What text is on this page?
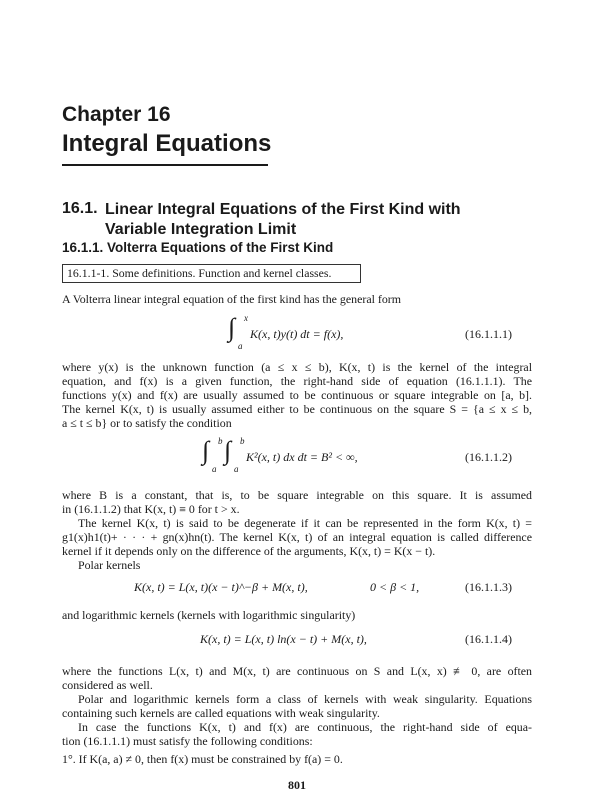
Chapter 16
Integral Equations
16.1. Linear Integral Equations of the First Kind with Variable Integration Limit
16.1.1. Volterra Equations of the First Kind
16.1.1-1. Some definitions. Function and kernel classes.
A Volterra linear integral equation of the first kind has the general form
∫ x
a
K(x, t)y(t) dt = f(x),	(16.1.1.1)
where y(x) is the unknown function (a ≤ x ≤ b), K(x, t) is the kernel of the integral
equation, and f(x) is a given function, the right-hand side of equation (16.1.1.1). The
functions y(x) and f(x) are usually assumed to be continuous or square integrable on [a, b].
The kernel K(x, t) is usually assumed either to be continuous on the square S = {a ≤ x ≤ b,
a ≤ t ≤ b} or to satisfy the condition
∫ b
a
∫ b
a
K²(x, t) dx dt = B² < ∞,	(16.1.1.2)
where B is a constant, that is, to be square integrable on this square. It is assumed
in (16.1.1.2) that K(x, t) ≡ 0 for t > x.
The kernel K(x, t) is said to be degenerate if it can be represented in the form K(x, t) =
g1(x)h1(t)+ · · · + gn(x)hn(t). The kernel K(x, t) of an integral equation is called difference
kernel if it depends only on the difference of the arguments, K(x, t) = K(x − t).
Polar kernels
K(x, t) = L(x, t)(x − t)^−β + M(x, t),	0 < β < 1,	(16.1.1.3)
and logarithmic kernels (kernels with logarithmic singularity)
K(x, t) = L(x, t) ln(x − t) + M(x, t),	(16.1.1.4)
where the functions L(x, t) and M(x, t) are continuous on S and L(x, x) ≢ 0, are often
considered as well.
Polar and logarithmic kernels form a class of kernels with weak singularity. Equations
containing such kernels are called equations with weak singularity.
In case the functions K(x, t) and f(x) are continuous, the right-hand side of equa-
tion (16.1.1.1) must satisfy the following conditions:
1°. If K(a, a) ≠ 0, then f(x) must be constrained by f(a) = 0.
801
